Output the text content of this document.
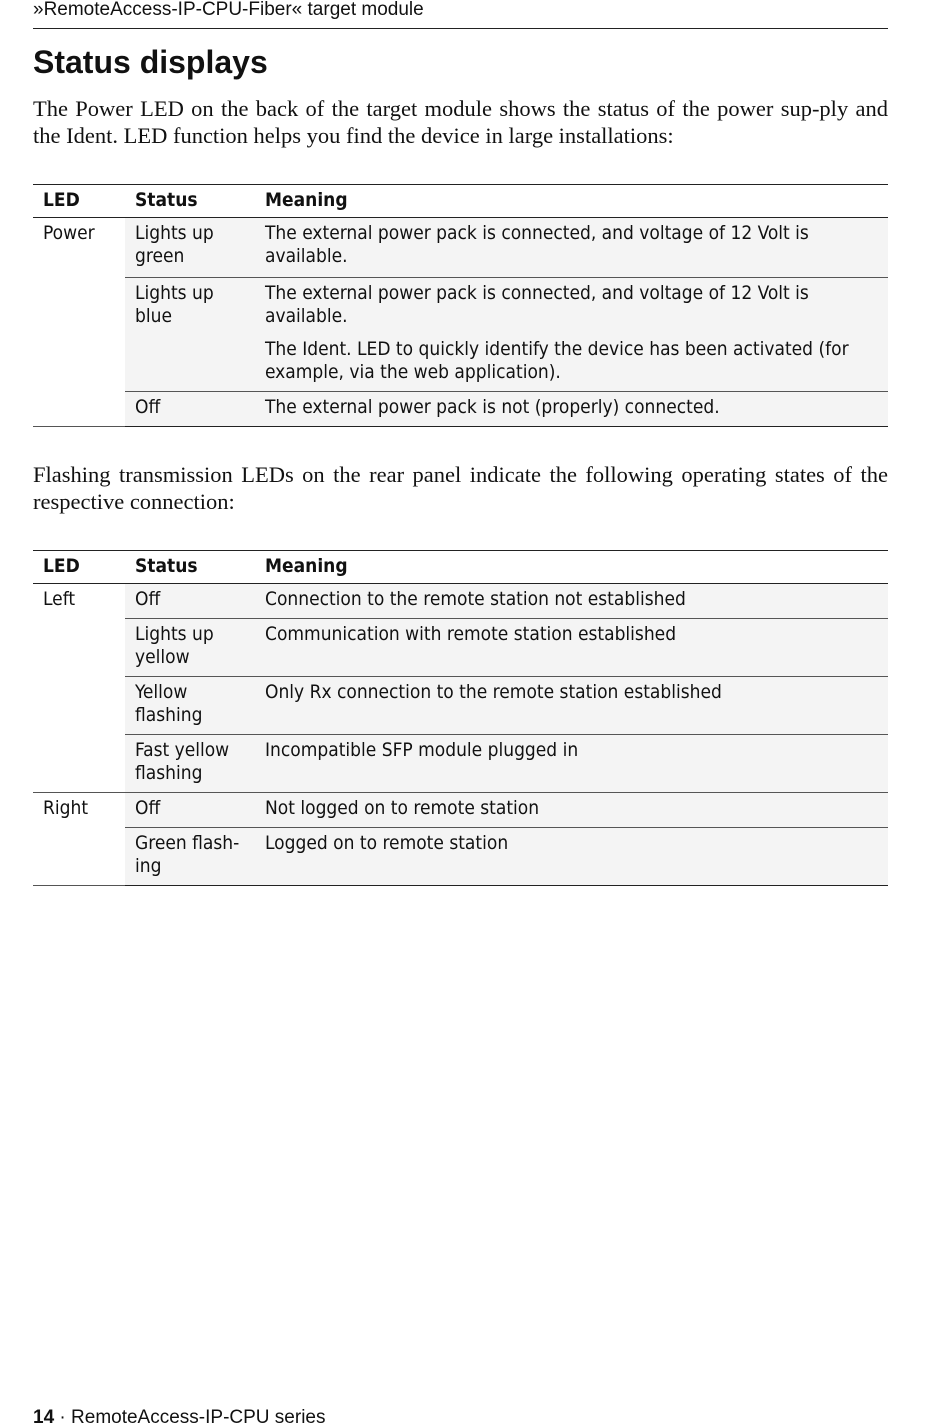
»RemoteAccess-IP-CPU-Fiber« target module
Status displays

The Power LED on the back of the target module shows the status of the power sup-ply and the Ident. LED function helps you find the device in large installations:

LED	Status	Meaning
Power	Lights up green	The external power pack is connected, and voltage of 12 Volt is available.
	Lights up blue	The external power pack is connected, and voltage of 12 Volt is available.
The Ident. LED to quickly identify the device has been activated (for example, via the web application).

	Off	The external power pack is not (properly) connected.

Flashing transmission LEDs on the rear panel indicate the following operating states of the respective connection:

LED	Status	Meaning
Left	Off	Connection to the remote station not established
	Lights up yellow	Communication with remote station established
	Yellow flashing	Only Rx connection to the remote station established
	Fast yellow flashing	Incompatible SFP module plugged in
Right	Off	Not logged on to remote station
	Green flash-ing	Logged on to remote station
14 · RemoteAccess-IP-CPU series
